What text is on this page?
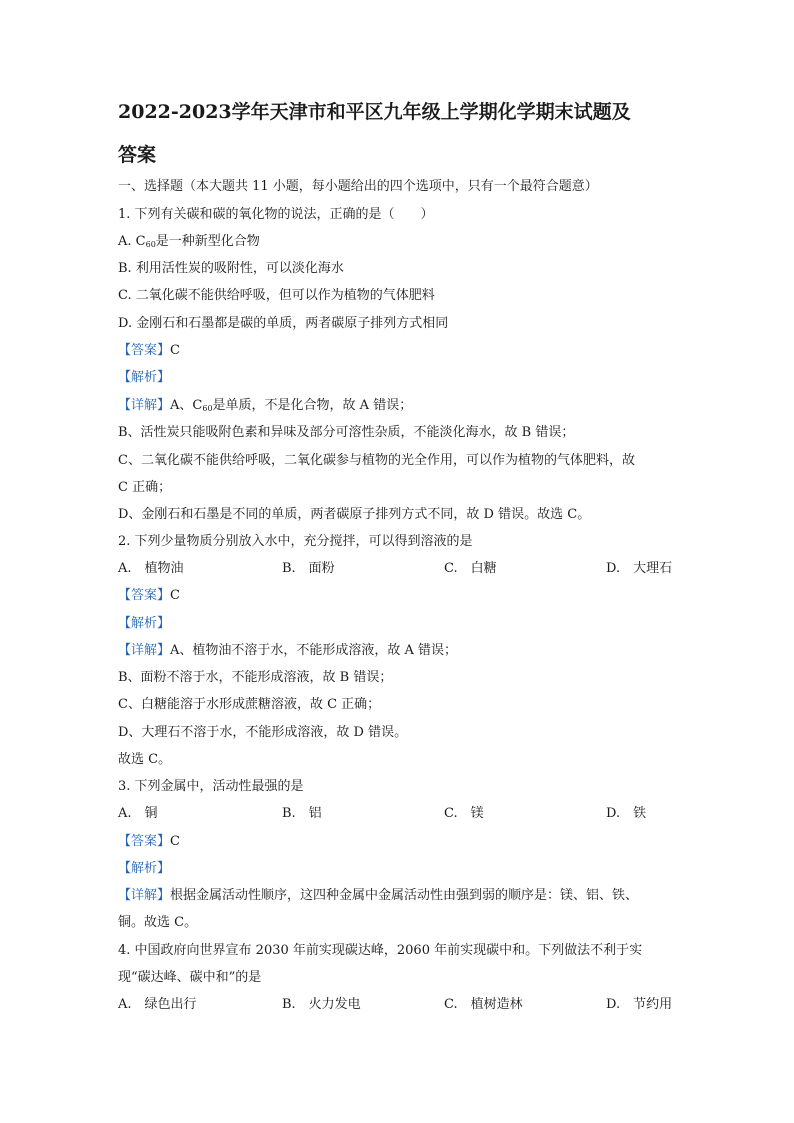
2022-2023学年天津市和平区九年级上学期化学期末试题及
答案
一、选择题（本大题共 11 小题，每小题给出的四个选项中，只有一个最符合题意）
1. 下列有关碳和碳的氧化物的说法，正确的是（　　）
A. $C_{60}$是一种新型化合物
B. 利用活性炭的吸附性，可以淡化海水
C. 二氧化碳不能供给呼吸，但可以作为植物的气体肥料
D. 金刚石和石墨都是碳的单质，两者碳原子排列方式相同
【答案】C
【解析】
【详解】A、$C_{60}$是单质，不是化合物，故 A 错误；
B、活性炭只能吸附色素和异味及部分可溶性杂质，不能淡化海水，故 B 错误；
C、二氧化碳不能供给呼吸，二氧化碳参与植物的光全作用，可以作为植物的气体肥料，故
C 正确；
D、金刚石和石墨是不同的单质，两者碳原子排列方式不同，故 D 错误。故选 C。
2. 下列少量物质分别放入水中，充分搅拌，可以得到溶液的是
A.　植物油	B.　面粉	C.　白糖	D.　大理石
【答案】C
【解析】
【详解】A、植物油不溶于水，不能形成溶液，故 A 错误；
B、面粉不溶于水，不能形成溶液，故 B 错误；
C、白糖能溶于水形成蔗糖溶液，故 C 正确；
D、大理石不溶于水，不能形成溶液，故 D 错误。
故选 C。
3. 下列金属中，活动性最强的是
A.　铜	B.　铝	C.　镁	D.　铁
【答案】C
【解析】
【详解】根据金属活动性顺序，这四种金属中金属活动性由强到弱的顺序是：镁、铝、铁、
铜。故选 C。
4. 中国政府向世界宣布 2030 年前实现碳达峰，2060 年前实现碳中和。下列做法不利于实
现“碳达峰、碳中和”的是
A.　绿色出行	B.　火力发电	C.　植树造林	D.　节约用
